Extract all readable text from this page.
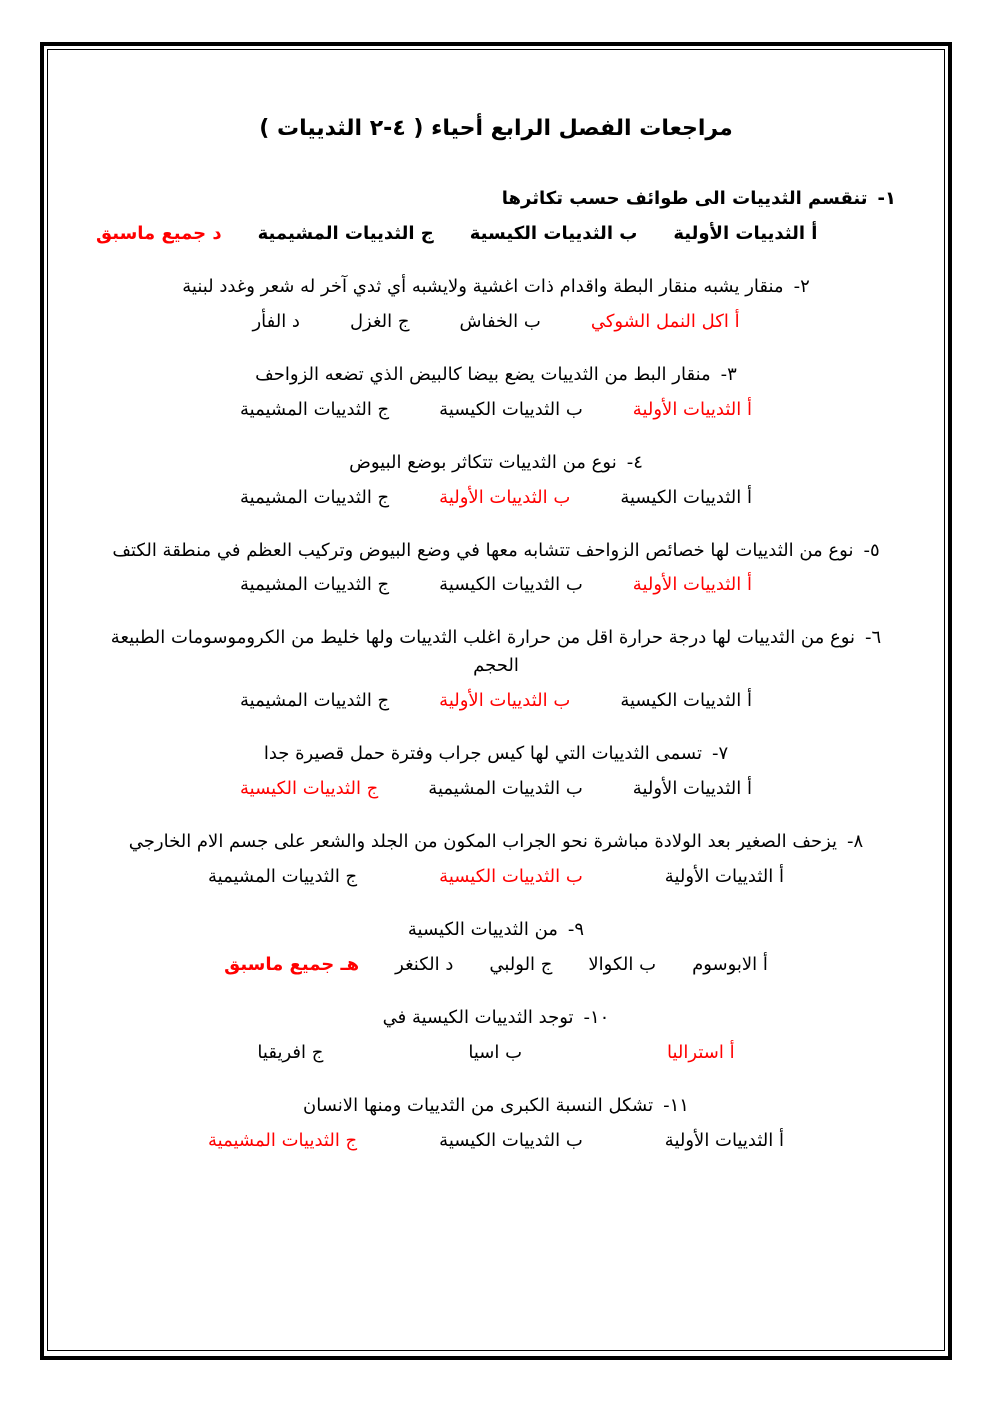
مراجعات الفصل الرابع أحياء ( ٤-٢ الثدييات )

١-تنقسم الثدييات الى طوائف حسب تكاثرها

أ الثدييات الأولية
ب الثدييات الكيسية
ج الثدييات المشيمية
د جميع ماسبق

٢-منقار يشبه منقار البطة واقدام ذات اغشية ولايشبه أي ثدي آخر له شعر وغدد لبنية

أ اكل النمل الشوكي
ب الخفاش
ج الغزل
د الفأر

٣-منقار البط من الثدييات يضع بيضا كالبيض الذي تضعه الزواحف

أ الثدييات الأولية
ب الثدييات الكيسية
ج الثدييات المشيمية

٤-نوع من الثدييات تتكاثر بوضع البيوض

أ الثدييات الكيسية
ب الثدييات الأولية
ج الثدييات المشيمية

٥-نوع من الثدييات لها خصائص الزواحف تتشابه معها في وضع البيوض وتركيب العظم في منطقة الكتف

أ الثدييات الأولية
ب الثدييات الكيسية
ج الثدييات المشيمية

٦-نوع من الثدييات لها درجة حرارة اقل من حرارة اغلب الثدييات ولها خليط من الكروموسومات الطبيعة الحجم

أ الثدييات الكيسية
ب الثدييات الأولية
ج الثدييات المشيمية

٧-تسمى الثدييات التي لها كيس جراب وفترة حمل قصيرة جدا

أ الثدييات الأولية
ب الثدييات المشيمية
ج الثدييات الكيسية

٨-يزحف الصغير بعد الولادة مباشرة نحو الجراب المكون من الجلد والشعر على جسم الام الخارجي

أ الثدييات الأولية
ب الثدييات الكيسية
ج الثدييات المشيمية

٩-من الثدييات الكيسية

أ الابوسوم
ب الكوالا
ج الولبي
د الكنغر
هـ جميع ماسبق

١٠-توجد الثدييات الكيسية في

أ استراليا
ب اسيا
ج افريقيا

١١-تشكل النسبة الكبرى من الثدييات ومنها الانسان

أ الثدييات الأولية
ب الثدييات الكيسية
ج الثدييات المشيمية
